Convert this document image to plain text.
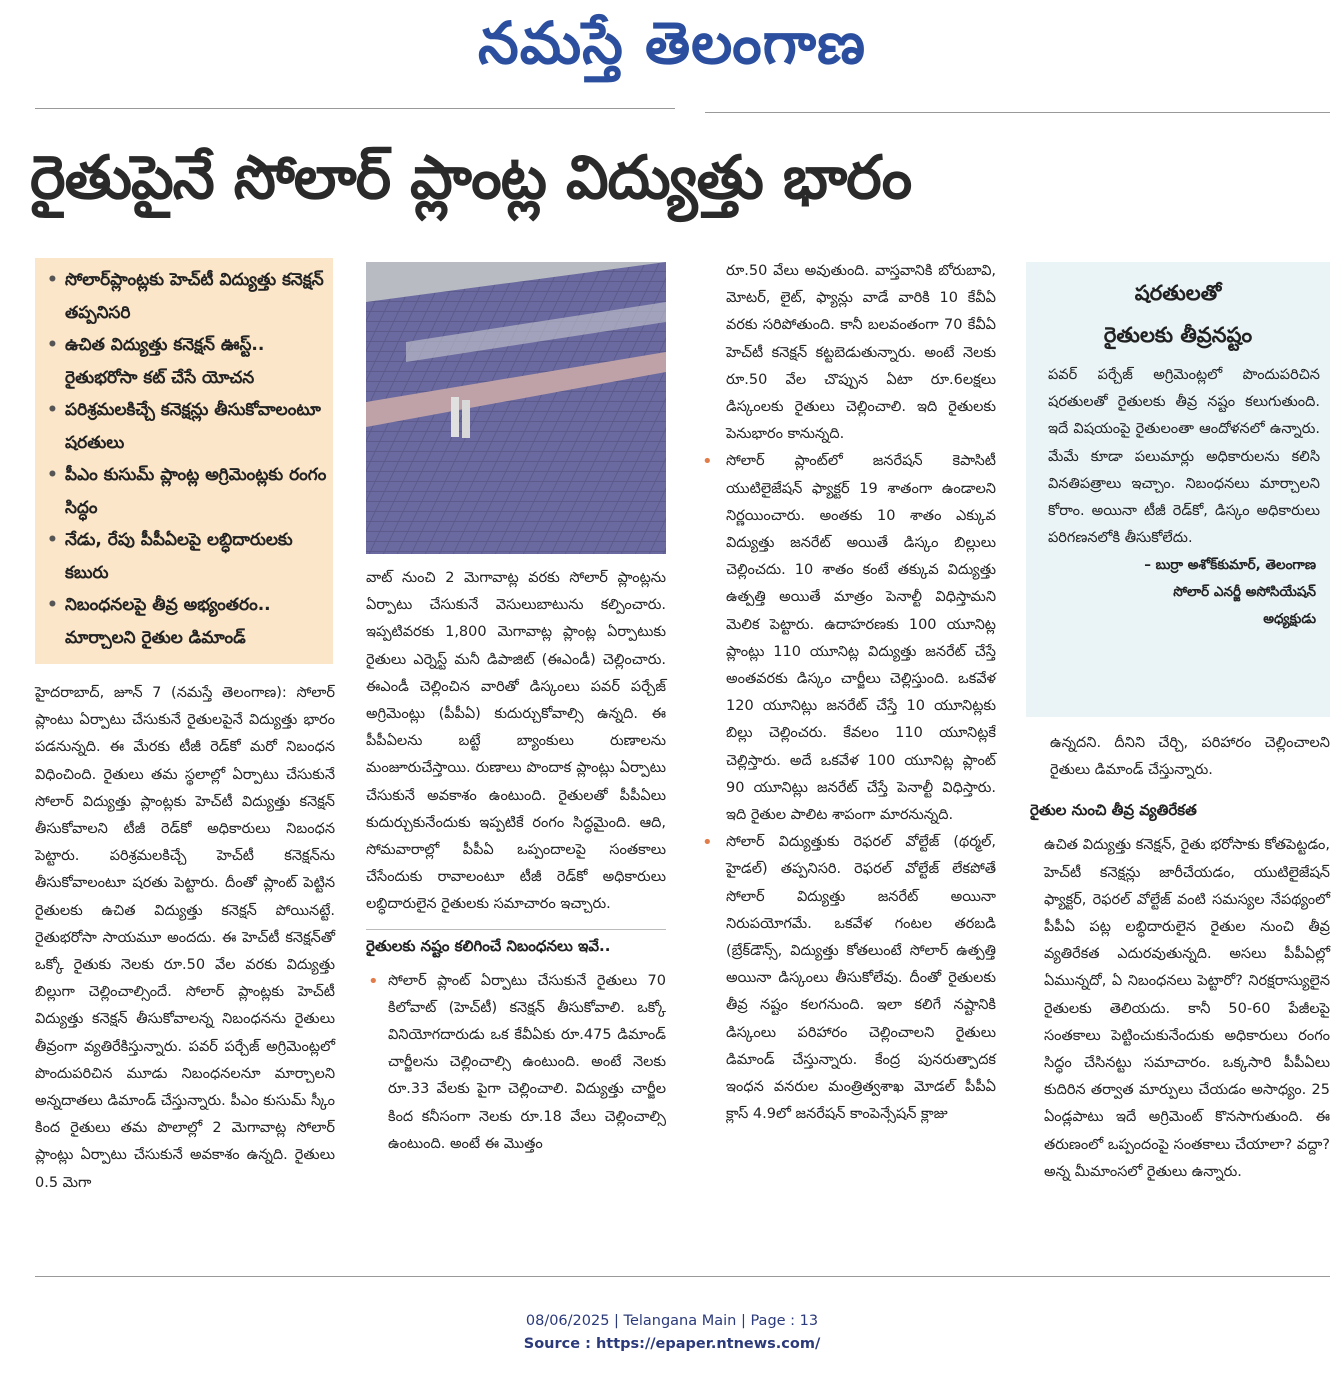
నమస్తే తెలంగాణ
రైతుపైనే సోలార్ ప్లాంట్ల విద్యుత్తు భారం
• సోలార్‌ప్లాంట్లకు హెచ్‌టీ విద్యుత్తు కనెక్షన్ తప్పనిసరి
• ఉచిత విద్యుత్తు కనెక్షన్ ఊస్ట్.. రైతుభరోసా కట్ చేసే యోచన
• పరిశ్రమలకిచ్చే కనెక్షన్లు తీసుకోవాలంటూ షరతులు
• పీఎం కుసుమ్ ప్లాంట్ల అగ్రిమెంట్లకు రంగం సిద్ధం
• నేడు, రేపు పీపీఏలపై లబ్ధిదారులకు కబురు
• నిబంధనలపై తీవ్ర అభ్యంతరం.. మార్చాలని రైతుల డిమాండ్

హైదరాబాద్, జూన్ 7 (నమస్తే తెలంగాణ): సోలార్ ప్లాంటు ఏర్పాటు చేసుకునే రైతులపైనే విద్యుత్తు భారం పడనున్నది. ఈ మేరకు టీజీ రెడ్‌కో మరో నిబంధన విధించింది. రైతులు తమ స్థలాల్లో ఏర్పాటు చేసుకునే సోలార్ విద్యుత్తు ప్లాంట్లకు హెచ్‌టీ విద్యుత్తు కనెక్షన్ తీసుకోవాలని టీజీ రెడ్‌కో అధికారులు నిబంధన పెట్టారు. పరిశ్రమలకిచ్చే హెచ్‌టీ కనెక్షన్‌ను తీసుకోవాలంటూ షరతు పెట్టారు. దీంతో ప్లాంట్ పెట్టిన రైతులకు ఉచిత విద్యుత్తు కనెక్షన్ పోయినట్టే. రైతుభరోసా సాయమూ అందదు. ఈ హెచ్‌టీ కనెక్షన్‌తో ఒక్కో రైతుకు నెలకు రూ.50 వేల వరకు విద్యుత్తు బిల్లుగా చెల్లించాల్సిందే. సోలార్ ప్లాంట్లకు హెచ్‌టీ విద్యుత్తు కనెక్షన్ తీసుకోవాలన్న నిబంధనను రైతులు తీవ్రంగా వ్యతిరేకిస్తున్నారు. పవర్ పర్చేజ్ అగ్రిమెంట్లలో పొందుపరిచిన మూడు నిబంధనలనూ మార్చాలని అన్నదాతలు డిమాండ్ చేస్తున్నారు. పీఎం కుసుమ్ స్కీం కింద రైతులు తమ పొలాల్లో 2 మెగావాట్ల సోలార్ ప్లాంట్లు ఏర్పాటు చేసుకునే అవకాశం ఉన్నది. రైతులు 0.5 మెగా

వాట్ నుంచి 2 మెగావాట్ల వరకు సోలార్ ప్లాంట్లను ఏర్పాటు చేసుకునే వెసులుబాటును కల్పించారు. ఇప్పటివరకు 1,800 మెగావాట్ల ప్లాంట్ల ఏర్పాటుకు రైతులు ఎర్నెస్ట్ మనీ డిపాజిట్ (ఈఎండీ) చెల్లించారు. ఈఎండీ చెల్లించిన వారితో డిస్కంలు పవర్ పర్చేజ్ అగ్రిమెంట్లు (పీపీఏ) కుదుర్చుకోవాల్సి ఉన్నది. ఈ పీపీఏలను బట్టే బ్యాంకులు రుణాలను మంజూరుచేస్తాయి. రుణాలు పొందాక ప్లాంట్లు ఏర్పాటు చేసుకునే అవకాశం ఉంటుంది. రైతులతో పీపీఏలు కుదుర్చుకునేందుకు ఇప్పటికే రంగం సిద్ధమైంది. ఆది, సోమవారాల్లో పీపీఏ ఒప్పందాలపై సంతకాలు చేసేందుకు రావాలంటూ టీజీ రెడ్‌కో అధికారులు లబ్ధిదారులైన రైతులకు సమాచారం ఇచ్చారు.

రైతులకు నష్టం కలిగించే నిబంధనలు ఇవే..

• సోలార్ ప్లాంట్ ఏర్పాటు చేసుకునే రైతులు 70 కిలోవాట్ (హెచ్‌టీ) కనెక్షన్ తీసుకోవాలి. ఒక్కో వినియోగదారుడు ఒక కేవీఏకు రూ.475 డిమాండ్ చార్జీలను చెల్లించాల్సి ఉంటుంది. అంటే నెలకు రూ.33 వేలకు పైగా చెల్లించాలి. విద్యుత్తు చార్జీల కింద కనీసంగా నెలకు రూ.18 వేలు చెల్లించాల్సి ఉంటుంది. అంటే ఈ మొత్తం

రూ.50 వేలు అవుతుంది. వాస్తవానికి బోరుబావి, మోటర్, లైట్, ఫ్యాన్లు వాడే వారికి 10 కేవీఏ వరకు సరిపోతుంది. కానీ బలవంతంగా 70 కేవీఏ హెచ్‌టీ కనెక్షన్ కట్టబెడుతున్నారు. అంటే నెలకు రూ.50 వేల చొప్పున ఏటా రూ.6లక్షలు డిస్కంలకు రైతులు చెల్లించాలి. ఇది రైతులకు పెనుభారం కానున్నది.

• సోలార్ ప్లాంట్‌లో జనరేషన్ కెపాసిటీ యుటిలైజేషన్ ఫ్యాక్టర్ 19 శాతంగా ఉండాలని నిర్ణయించారు. అంతకు 10 శాతం ఎక్కువ విద్యుత్తు జనరేట్ అయితే డిస్కం బిల్లులు చెల్లించదు. 10 శాతం కంటే తక్కువ విద్యుత్తు ఉత్పత్తి అయితే మాత్రం పెనాల్టీ విధిస్తామని మెలిక పెట్టారు. ఉదాహరణకు 100 యూనిట్ల ప్లాంట్లు 110 యూనిట్ల విద్యుత్తు జనరేట్ చేస్తే అంతవరకు డిస్కం చార్జీలు చెల్లిస్తుంది. ఒకవేళ 120 యూనిట్లు జనరేట్ చేస్తే 10 యూనిట్లకు బిల్లు చెల్లించరు. కేవలం 110 యూనిట్లకే చెల్లిస్తారు. అదే ఒకవేళ 100 యూనిట్ల ప్లాంట్ 90 యూనిట్లు జనరేట్ చేస్తే పెనాల్టీ విధిస్తారు. ఇది రైతుల పాలిట శాపంగా మారనున్నది.

• సోలార్ విద్యుత్తుకు రెఫరల్ వోల్టేజ్ (థర్మల్, హైడల్) తప్పనిసరి. రెఫరల్ వోల్టేజ్ లేకపోతే సోలార్ విద్యుత్తు జనరేట్ అయినా నిరుపయోగమే. ఒకవేళ గంటల తరబడి (బ్రేక్‌డౌన్స్, విద్యుత్తు కోతలుంటే సోలార్ ఉత్పత్తి అయినా డిస్కంలు తీసుకోలేవు. దీంతో రైతులకు తీవ్ర నష్టం కలగనుంది. ఇలా కలిగే నష్టానికి డిస్కంలు పరిహారం చెల్లించాలని రైతులు డిమాండ్ చేస్తున్నారు. కేంద్ర పునరుత్పాదక ఇంధన వనరుల మంత్రిత్వశాఖ మోడల్ పీపీఏ క్లాస్ 4.9లో జనరేషన్ కాంపెన్సేషన్ క్లాజు

షరతులతో
రైతులకు తీవ్రనష్టం
పవర్ పర్చేజ్ అగ్రిమెంట్లలో పొందుపరిచిన షరతులతో రైతులకు తీవ్ర నష్టం కలుగుతుంది. ఇదే విషయంపై రైతులంతా ఆందోళనలో ఉన్నారు. మేమే కూడా పలుమార్లు అధికారులను కలిసి వినతిపత్రాలు ఇచ్చాం. నిబంధనలు మార్చాలని కోరాం. అయినా టీజీ రెడ్‌కో, డిస్కం అధికారులు పరిగణనలోకి తీసుకోలేదు.
– బుర్రా అశోక్‌కుమార్, తెలంగాణ
సోలార్ ఎనర్జీ అసోసియేషన్
అధ్యక్షుడు

ఉన్నదని. దీనిని చేర్చి, పరిహారం చెల్లించాలని రైతులు డిమాండ్ చేస్తున్నారు.

రైతుల నుంచి తీవ్ర వ్యతిరేకత

ఉచిత విద్యుత్తు కనెక్షన్, రైతు భరోసాకు కోతపెట్టడం, హెచ్‌టీ కనెక్షన్లు జారీచేయడం, యుటిలైజేషన్ ఫ్యాక్టర్, రెఫరల్ వోల్టేజ్ వంటి సమస్యల నేపథ్యంలో పీపీఏ పట్ల లబ్ధిదారులైన రైతుల నుంచి తీవ్ర వ్యతిరేకత ఎదురవుతున్నది. అసలు పీపీఏల్లో ఏమున్నదో, ఏ నిబంధనలు పెట్టారో? నిరక్షరాస్యులైన రైతులకు తెలియదు. కానీ 50-60 పేజీలపై సంతకాలు పెట్టించుకునేందుకు అధికారులు రంగం సిద్ధం చేసినట్టు సమాచారం. ఒక్కసారి పీపీఏలు కుదిరిన తర్వాత మార్పులు చేయడం అసాధ్యం. 25 ఏండ్లపాటు ఇదే అగ్రిమెంట్ కొనసాగుతుంది. ఈ తరుణంలో ఒప్పందంపై సంతకాలు చేయాలా? వద్దా? అన్న మీమాంసలో రైతులు ఉన్నారు.

08/06/2025 | Telangana Main | Page : 13
Source : https://epaper.ntnews.com/
